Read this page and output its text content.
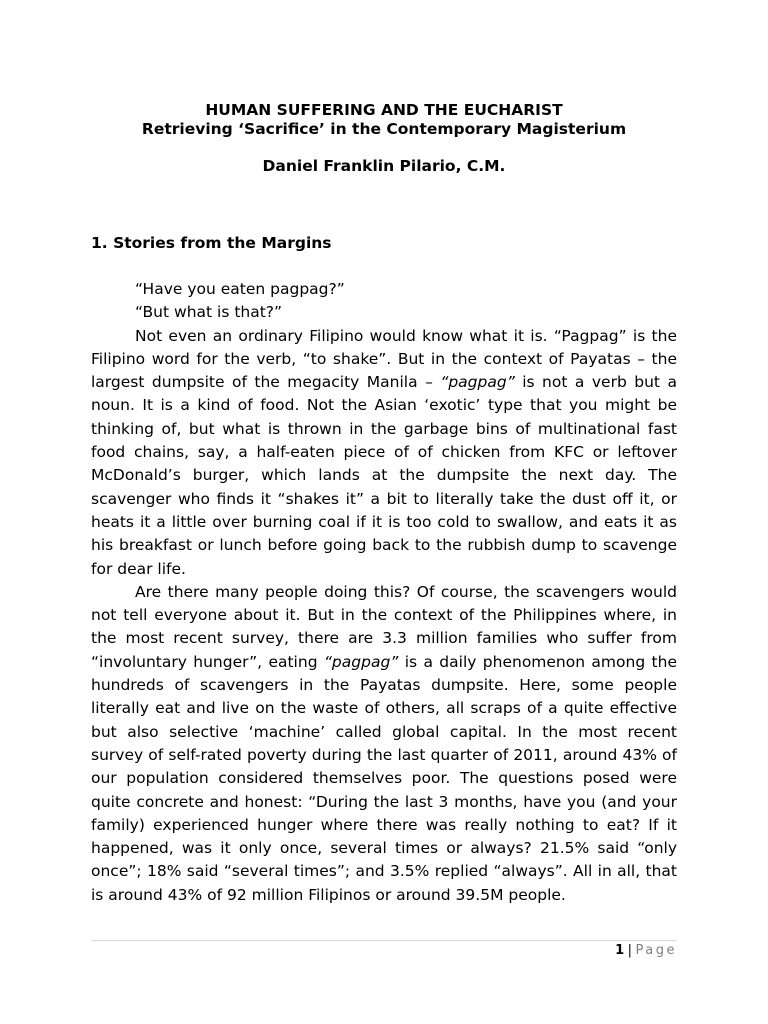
HUMAN SUFFERING AND THE EUCHARIST
Retrieving ‘Sacrifice’ in the Contemporary Magisterium
Daniel Franklin Pilario, C.M.
1. Stories from the Margins

“Have you eaten pagpag?”

“But what is that?”

Not even an ordinary Filipino would know what it is. “Pagpag” is the Filipino word for the verb, “to shake”. But in the context of Payatas – the largest dumpsite of the megacity Manila – “pagpag” is not a verb but a noun. It is a kind of food. Not the Asian ‘exotic’ type that you might be thinking of, but what is thrown in the garbage bins of multinational fast food chains, say, a half-eaten piece of of chicken from KFC or leftover McDonald’s burger, which lands at the dumpsite the next day. The scavenger who finds it “shakes it” a bit to literally take the dust off it, or heats it a little over burning coal if it is too cold to swallow, and eats it as his breakfast or lunch before going back to the rubbish dump to scavenge for dear life.

Are there many people doing this? Of course, the scavengers would not tell everyone about it. But in the context of the Philippines where, in the most recent survey, there are 3.3 million families who suffer from “involuntary hunger”, eating “pagpag” is a daily phenomenon among the hundreds of scavengers in the Payatas dumpsite. Here, some people literally eat and live on the waste of others, all scraps of a quite effective but also selective ‘machine’ called global capital. In the most recent survey of self-rated poverty during the last quarter of 2011, around 43% of our population considered themselves poor. The questions posed were quite concrete and honest: “During the last 3 months, have you (and your family) experienced hunger where there was really nothing to eat? If it happened, was it only once, several times or always? 21.5% said “only once”; 18% said “several times”; and 3.5% replied “always”. All in all, that is around 43% of 92 million Filipinos or around 39.5M people.

1 | Page
